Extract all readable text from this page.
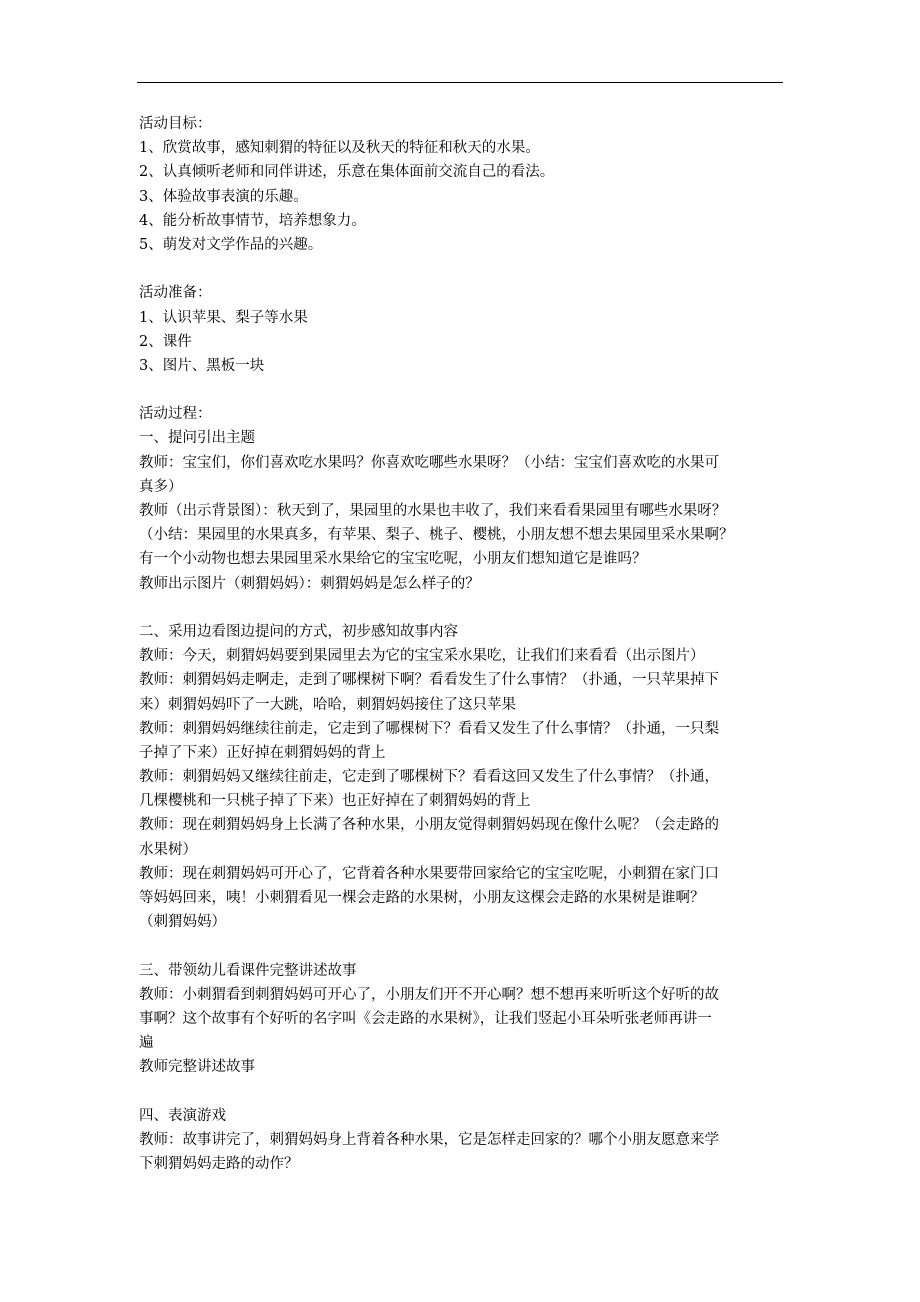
活动目标：
1、欣赏故事，感知刺猬的特征以及秋天的特征和秋天的水果。
2、认真倾听老师和同伴讲述，乐意在集体面前交流自己的看法。
3、体验故事表演的乐趣。
4、能分析故事情节，培养想象力。
5、萌发对文学作品的兴趣。
活动准备：
1、认识苹果、梨子等水果
2、课件
3、图片、黑板一块
活动过程：
一、提问引出主题
教师：宝宝们，你们喜欢吃水果吗？你喜欢吃哪些水果呀？（小结：宝宝们喜欢吃的水果可
真多）
教师（出示背景图）：秋天到了，果园里的水果也丰收了，我们来看看果园里有哪些水果呀？
（小结：果园里的水果真多，有苹果、梨子、桃子、樱桃，小朋友想不想去果园里采水果啊？
有一个小动物也想去果园里采水果给它的宝宝吃呢，小朋友们想知道它是谁吗？
教师出示图片（刺猬妈妈）：刺猬妈妈是怎么样子的？
二、采用边看图边提问的方式，初步感知故事内容
教师：今天，刺猬妈妈要到果园里去为它的宝宝采水果吃，让我们们来看看（出示图片）
教师：刺猬妈妈走啊走，走到了哪棵树下啊？看看发生了什么事情？（扑通，一只苹果掉下
来）刺猬妈妈吓了一大跳，哈哈，刺猬妈妈接住了这只苹果
教师：刺猬妈妈继续往前走，它走到了哪棵树下？看看又发生了什么事情？（扑通，一只梨
子掉了下来）正好掉在刺猬妈妈的背上
教师：刺猬妈妈又继续往前走，它走到了哪棵树下？看看这回又发生了什么事情？（扑通，
几棵樱桃和一只桃子掉了下来）也正好掉在了刺猬妈妈的背上
教师：现在刺猬妈妈身上长满了各种水果，小朋友觉得刺猬妈妈现在像什么呢？（会走路的
水果树）
教师：现在刺猬妈妈可开心了，它背着各种水果要带回家给它的宝宝吃呢，小刺猬在家门口
等妈妈回来，咦！小刺猬看见一棵会走路的水果树，小朋友这棵会走路的水果树是谁啊？
（刺猬妈妈）
三、带领幼儿看课件完整讲述故事
教师：小刺猬看到刺猬妈妈可开心了，小朋友们开不开心啊？想不想再来听听这个好听的故
事啊？这个故事有个好听的名字叫《会走路的水果树》，让我们竖起小耳朵听张老师再讲一
遍
教师完整讲述故事
四、表演游戏
教师：故事讲完了，刺猬妈妈身上背着各种水果，它是怎样走回家的？哪个小朋友愿意来学
下刺猬妈妈走路的动作？
